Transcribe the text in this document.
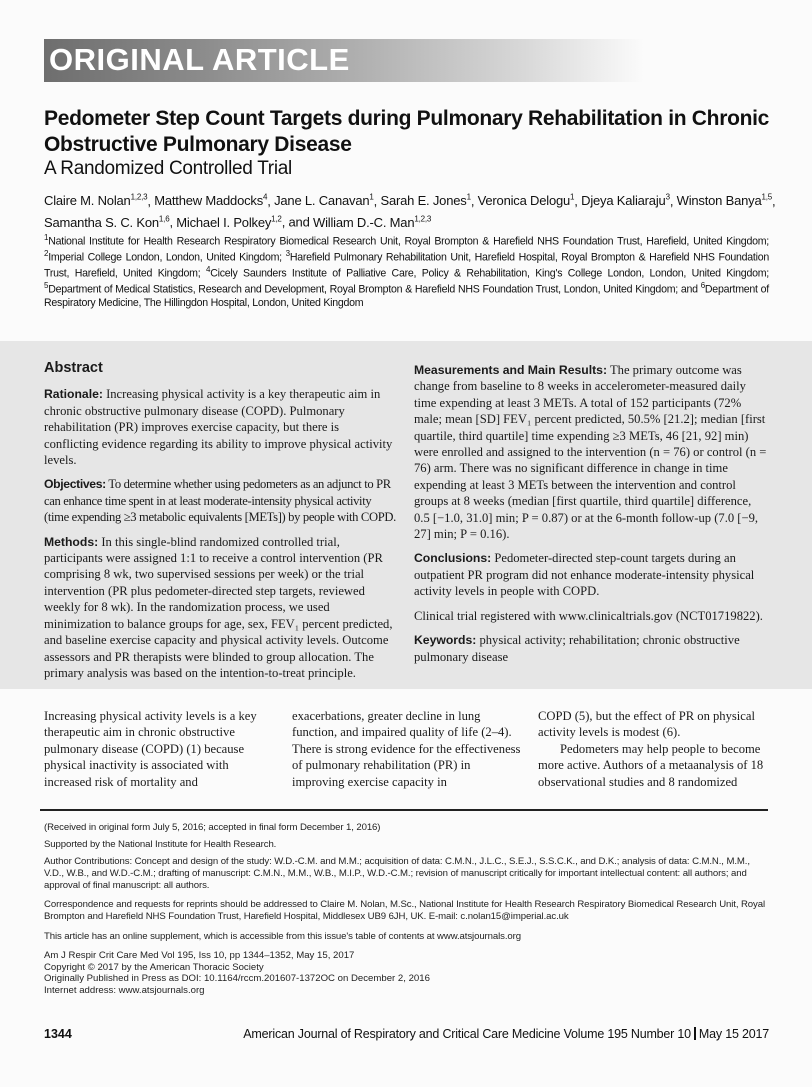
ORIGINAL ARTICLE
Pedometer Step Count Targets during Pulmonary Rehabilitation in Chronic Obstructive Pulmonary Disease
A Randomized Controlled Trial
Claire M. Nolan$^{1,2,3}$, Matthew Maddocks$^4$, Jane L. Canavan$^1$, Sarah E. Jones$^1$, Veronica Delogu$^1$, Djeya Kaliaraju$^3$, Winston Banya$^{1,5}$, Samantha S. C. Kon$^{1,6}$, Michael I. Polkey$^{1,2}$, and William D.-C. Man$^{1,2,3}$
$^1$National Institute for Health Research Respiratory Biomedical Research Unit, Royal Brompton & Harefield NHS Foundation Trust, Harefield, United Kingdom; $^2$Imperial College London, London, United Kingdom; $^3$Harefield Pulmonary Rehabilitation Unit, Harefield Hospital, Royal Brompton & Harefield NHS Foundation Trust, Harefield, United Kingdom; $^4$Cicely Saunders Institute of Palliative Care, Policy & Rehabilitation, King's College London, London, United Kingdom; $^5$Department of Medical Statistics, Research and Development, Royal Brompton & Harefield NHS Foundation Trust, London, United Kingdom; and $^6$Department of Respiratory Medicine, The Hillingdon Hospital, London, United Kingdom
Abstract

Rationale: Increasing physical activity is a key therapeutic aim in chronic obstructive pulmonary disease (COPD). Pulmonary rehabilitation (PR) improves exercise capacity, but there is conflicting evidence regarding its ability to improve physical activity levels.

Objectives: To determine whether using pedometers as an adjunct to PR can enhance time spent in at least moderate-intensity physical activity (time expending ≥3 metabolic equivalents [METs]) by people with COPD.

Methods: In this single-blind randomized controlled trial, participants were assigned 1:1 to receive a control intervention (PR comprising 8 wk, two supervised sessions per week) or the trial intervention (PR plus pedometer-directed step targets, reviewed weekly for 8 wk). In the randomization process, we used minimization to balance groups for age, sex, FEV₁ percent predicted, and baseline exercise capacity and physical activity levels. Outcome assessors and PR therapists were blinded to group allocation. The primary analysis was based on the intention-to-treat principle.

Measurements and Main Results: The primary outcome was change from baseline to 8 weeks in accelerometer-measured daily time expending at least 3 METs. A total of 152 participants (72% male; mean [SD] FEV₁ percent predicted, 50.5% [21.2]; median [first quartile, third quartile] time expending ≥3 METs, 46 [21, 92] min) were enrolled and assigned to the intervention (n = 76) or control (n = 76) arm. There was no significant difference in change in time expending at least 3 METs between the intervention and control groups at 8 weeks (median [first quartile, third quartile] difference, 0.5 [−1.0, 31.0] min; P = 0.87) or at the 6-month follow-up (7.0 [−9, 27] min; P = 0.16).

Conclusions: Pedometer-directed step-count targets during an outpatient PR program did not enhance moderate-intensity physical activity levels in people with COPD.

Clinical trial registered with www.clinicaltrials.gov (NCT01719822).

Keywords: physical activity; rehabilitation; chronic obstructive pulmonary disease

Increasing physical activity levels is a key therapeutic aim in chronic obstructive pulmonary disease (COPD) (1) because physical inactivity is associated with increased risk of mortality and

exacerbations, greater decline in lung function, and impaired quality of life (2–4). There is strong evidence for the effectiveness of pulmonary rehabilitation (PR) in improving exercise capacity in

COPD (5), but the effect of PR on physical activity levels is modest (6).

Pedometers may help people to become more active. Authors of a metaanalysis of 18 observational studies and 8 randomized

(Received in original form July 5, 2016; accepted in final form December 1, 2016)
Supported by the National Institute for Health Research.
Author Contributions: Concept and design of the study: W.D.-C.M. and M.M.; acquisition of data: C.M.N., J.L.C., S.E.J., S.S.C.K., and D.K.; analysis of data: C.M.N., M.M., V.D., W.B., and W.D.-C.M.; drafting of manuscript: C.M.N., M.M., W.B., M.I.P., W.D.-C.M.; revision of manuscript critically for important intellectual content: all authors; and approval of final manuscript: all authors.
Correspondence and requests for reprints should be addressed to Claire M. Nolan, M.Sc., National Institute for Health Research Respiratory Biomedical Research Unit, Royal Brompton and Harefield NHS Foundation Trust, Harefield Hospital, Middlesex UB9 6JH, UK. E-mail: c.nolan15@imperial.ac.uk
This article has an online supplement, which is accessible from this issue's table of contents at www.atsjournals.org
Am J Respir Crit Care Med Vol 195, Iss 10, pp 1344–1352, May 15, 2017
Copyright © 2017 by the American Thoracic Society
Originally Published in Press as DOI: 10.1164/rccm.201607-1372OC on December 2, 2016
Internet address: www.atsjournals.org
1344	American Journal of Respiratory and Critical Care Medicine Volume 195 Number 10 May 15 2017
